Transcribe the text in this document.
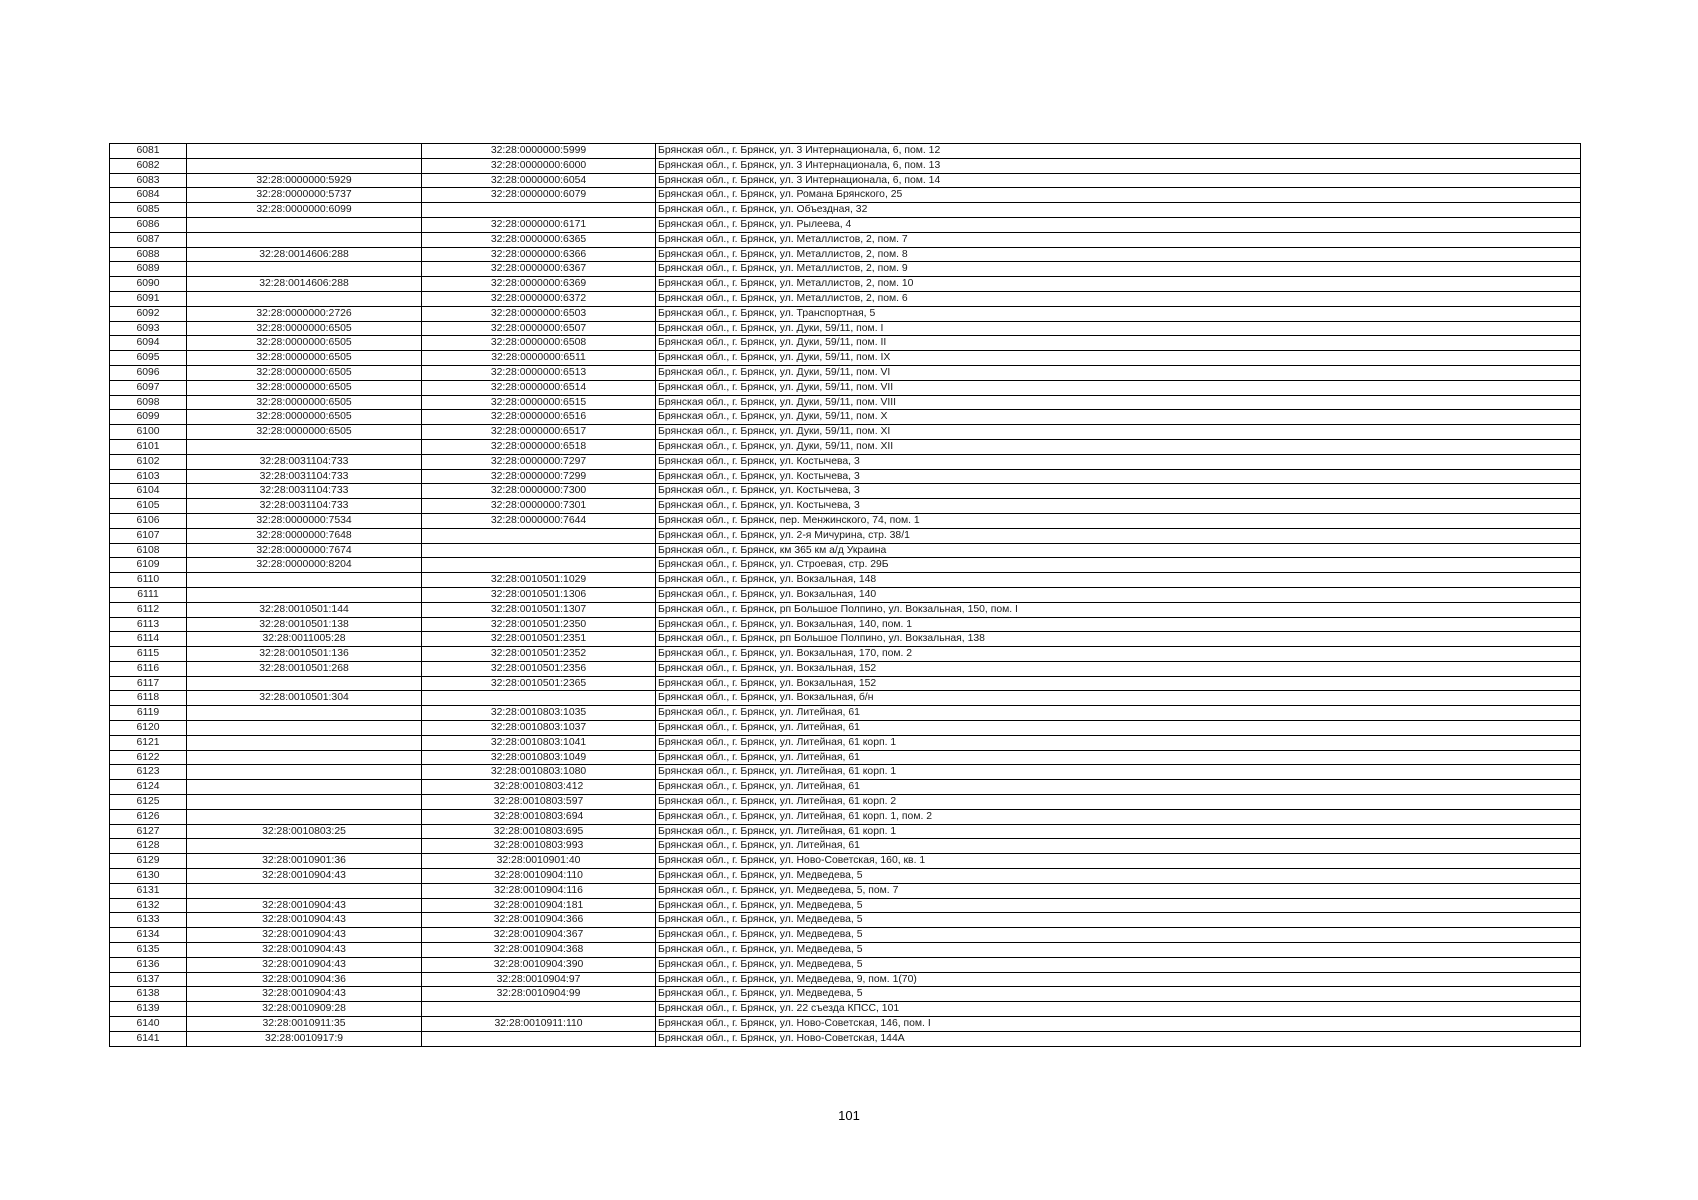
6081		32:28:0000000:5999	Брянская обл., г. Брянск, ул. 3 Интернационала, 6, пом. 12
6082		32:28:0000000:6000	Брянская обл., г. Брянск, ул. 3 Интернационала, 6, пом. 13
6083	32:28:0000000:5929	32:28:0000000:6054	Брянская обл., г. Брянск, ул. 3 Интернационала, 6, пом. 14
6084	32:28:0000000:5737	32:28:0000000:6079	Брянская обл., г. Брянск, ул. Романа Брянского, 25
6085	32:28:0000000:6099		Брянская обл., г. Брянск, ул. Объездная, 32
6086		32:28:0000000:6171	Брянская обл., г. Брянск, ул. Рылеева, 4
6087		32:28:0000000:6365	Брянская обл., г. Брянск, ул. Металлистов, 2, пом. 7
6088	32:28:0014606:288	32:28:0000000:6366	Брянская обл., г. Брянск, ул. Металлистов, 2, пом. 8
6089		32:28:0000000:6367	Брянская обл., г. Брянск, ул. Металлистов, 2, пом. 9
6090	32:28:0014606:288	32:28:0000000:6369	Брянская обл., г. Брянск, ул. Металлистов, 2, пом. 10
6091		32:28:0000000:6372	Брянская обл., г. Брянск, ул. Металлистов, 2, пом. 6
6092	32:28:0000000:2726	32:28:0000000:6503	Брянская обл., г. Брянск, ул. Транспортная, 5
6093	32:28:0000000:6505	32:28:0000000:6507	Брянская обл., г. Брянск, ул. Дуки, 59/11, пом. I
6094	32:28:0000000:6505	32:28:0000000:6508	Брянская обл., г. Брянск, ул. Дуки, 59/11, пом. II
6095	32:28:0000000:6505	32:28:0000000:6511	Брянская обл., г. Брянск, ул. Дуки, 59/11, пом. IX
6096	32:28:0000000:6505	32:28:0000000:6513	Брянская обл., г. Брянск, ул. Дуки, 59/11, пом. VI
6097	32:28:0000000:6505	32:28:0000000:6514	Брянская обл., г. Брянск, ул. Дуки, 59/11, пом. VII
6098	32:28:0000000:6505	32:28:0000000:6515	Брянская обл., г. Брянск, ул. Дуки, 59/11, пом. VIII
6099	32:28:0000000:6505	32:28:0000000:6516	Брянская обл., г. Брянск, ул. Дуки, 59/11, пом. X
6100	32:28:0000000:6505	32:28:0000000:6517	Брянская обл., г. Брянск, ул. Дуки, 59/11, пом. XI
6101		32:28:0000000:6518	Брянская обл., г. Брянск, ул. Дуки, 59/11, пом. XII
6102	32:28:0031104:733	32:28:0000000:7297	Брянская обл., г. Брянск, ул. Костычева, 3
6103	32:28:0031104:733	32:28:0000000:7299	Брянская обл., г. Брянск, ул. Костычева, 3
6104	32:28:0031104:733	32:28:0000000:7300	Брянская обл., г. Брянск, ул. Костычева, 3
6105	32:28:0031104:733	32:28:0000000:7301	Брянская обл., г. Брянск, ул. Костычева, 3
6106	32:28:0000000:7534	32:28:0000000:7644	Брянская обл., г. Брянск, пер. Менжинского, 74, пом. 1
6107	32:28:0000000:7648		Брянская обл., г. Брянск, ул. 2-я Мичурина, стр. 38/1
6108	32:28:0000000:7674		Брянская обл., г. Брянск, км 365 км а/д Украина
6109	32:28:0000000:8204		Брянская обл., г. Брянск, ул. Строевая, стр. 29Б
6110		32:28:0010501:1029	Брянская обл., г. Брянск, ул. Вокзальная, 148
6111		32:28:0010501:1306	Брянская обл., г. Брянск, ул. Вокзальная, 140
6112	32:28:0010501:144	32:28:0010501:1307	Брянская обл., г. Брянск, рп Большое Полпино, ул. Вокзальная, 150, пом. I
6113	32:28:0010501:138	32:28:0010501:2350	Брянская обл., г. Брянск, ул. Вокзальная, 140, пом. 1
6114	32:28:0011005:28	32:28:0010501:2351	Брянская обл., г. Брянск, рп Большое Полпино, ул. Вокзальная, 138
6115	32:28:0010501:136	32:28:0010501:2352	Брянская обл., г. Брянск, ул. Вокзальная, 170, пом. 2
6116	32:28:0010501:268	32:28:0010501:2356	Брянская обл., г. Брянск, ул. Вокзальная, 152
6117		32:28:0010501:2365	Брянская обл., г. Брянск, ул. Вокзальная, 152
6118	32:28:0010501:304		Брянская обл., г. Брянск, ул. Вокзальная, б/н
6119		32:28:0010803:1035	Брянская обл., г. Брянск, ул. Литейная, 61
6120		32:28:0010803:1037	Брянская обл., г. Брянск, ул. Литейная, 61
6121		32:28:0010803:1041	Брянская обл., г. Брянск, ул. Литейная, 61 корп. 1
6122		32:28:0010803:1049	Брянская обл., г. Брянск, ул. Литейная, 61
6123		32:28:0010803:1080	Брянская обл., г. Брянск, ул. Литейная, 61 корп. 1
6124		32:28:0010803:412	Брянская обл., г. Брянск, ул. Литейная, 61
6125		32:28:0010803:597	Брянская обл., г. Брянск, ул. Литейная, 61 корп. 2
6126		32:28:0010803:694	Брянская обл., г. Брянск, ул. Литейная, 61 корп. 1, пом. 2
6127	32:28:0010803:25	32:28:0010803:695	Брянская обл., г. Брянск, ул. Литейная, 61 корп. 1
6128		32:28:0010803:993	Брянская обл., г. Брянск, ул. Литейная, 61
6129	32:28:0010901:36	32:28:0010901:40	Брянская обл., г. Брянск, ул. Ново-Советская, 160, кв. 1
6130	32:28:0010904:43	32:28:0010904:110	Брянская обл., г. Брянск, ул. Медведева, 5
6131		32:28:0010904:116	Брянская обл., г. Брянск, ул. Медведева, 5, пом. 7
6132	32:28:0010904:43	32:28:0010904:181	Брянская обл., г. Брянск, ул. Медведева, 5
6133	32:28:0010904:43	32:28:0010904:366	Брянская обл., г. Брянск, ул. Медведева, 5
6134	32:28:0010904:43	32:28:0010904:367	Брянская обл., г. Брянск, ул. Медведева, 5
6135	32:28:0010904:43	32:28:0010904:368	Брянская обл., г. Брянск, ул. Медведева, 5
6136	32:28:0010904:43	32:28:0010904:390	Брянская обл., г. Брянск, ул. Медведева, 5
6137	32:28:0010904:36	32:28:0010904:97	Брянская обл., г. Брянск, ул. Медведева, 9, пом. 1(70)
6138	32:28:0010904:43	32:28:0010904:99	Брянская обл., г. Брянск, ул. Медведева, 5
6139	32:28:0010909:28		Брянская обл., г. Брянск, ул. 22 съезда КПСС, 101
6140	32:28:0010911:35	32:28:0010911:110	Брянская обл., г. Брянск, ул. Ново-Советская, 146, пом. I
6141	32:28:0010917:9		Брянская обл., г. Брянск, ул. Ново-Советская, 144А
101
